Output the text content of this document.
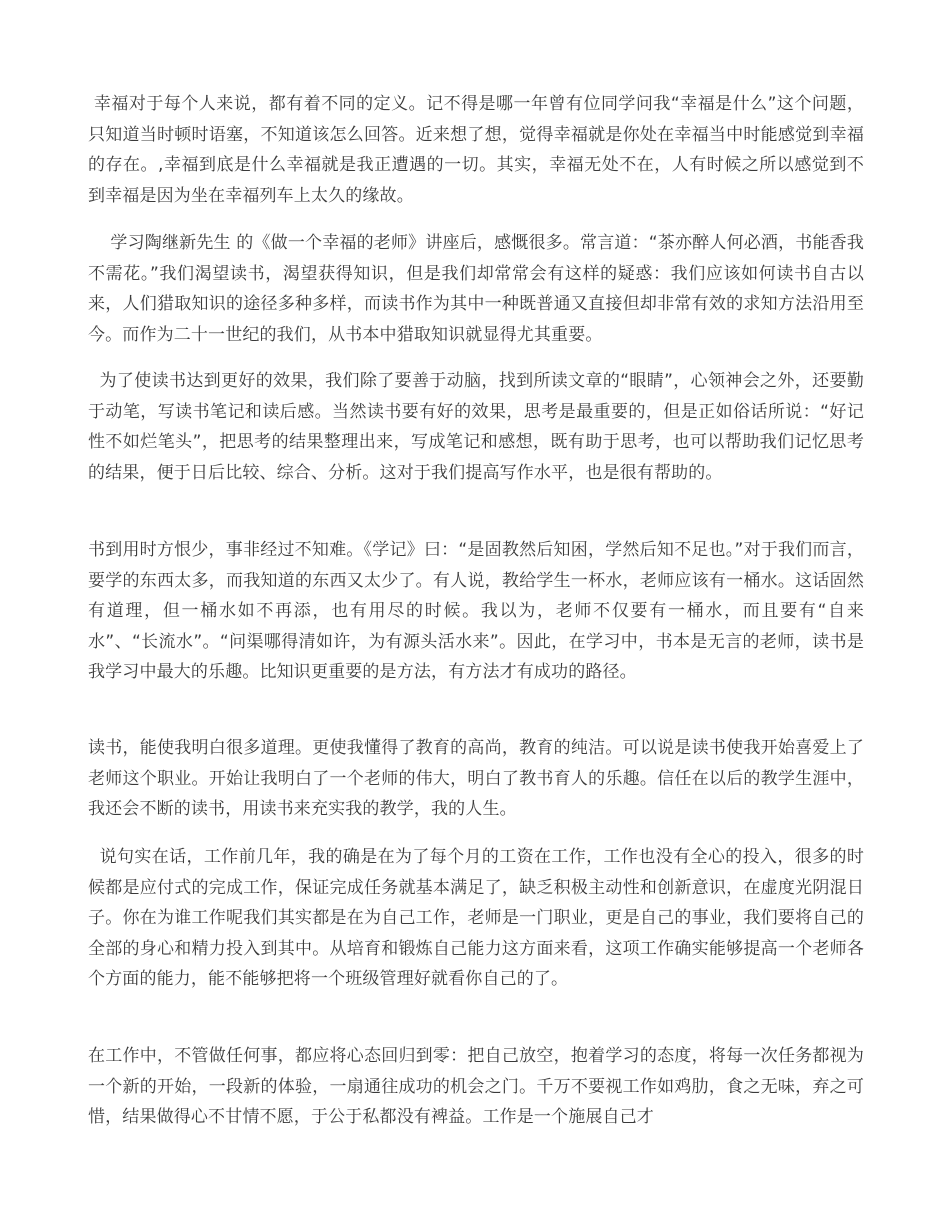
幸福对于每个人来说，都有着不同的定义。记不得是哪一年曾有位同学问我“幸福是什么”这个问题，只知道当时顿时语塞，不知道该怎么回答。近来想了想，觉得幸福就是你处在幸福当中时能感觉到幸福的存在。,幸福到底是什么幸福就是我正遭遇的一切。其实，幸福无处不在，人有时候之所以感觉到不到幸福是因为坐在幸福列车上太久的缘故。

学习陶继新先生 的《做一个幸福的老师》讲座后，感慨很多。常言道：“茶亦醉人何必酒，书能香我不需花。”我们渴望读书，渴望获得知识，但是我们却常常会有这样的疑惑：我们应该如何读书自古以来，人们猎取知识的途径多种多样，而读书作为其中一种既普通又直接但却非常有效的求知方法沿用至今。而作为二十一世纪的我们，从书本中猎取知识就显得尤其重要。

为了使读书达到更好的效果，我们除了要善于动脑，找到所读文章的“眼睛”，心领神会之外，还要勤于动笔，写读书笔记和读后感。当然读书要有好的效果，思考是最重要的，但是正如俗话所说：“好记性不如烂笔头”，把思考的结果整理出来，写成笔记和感想，既有助于思考，也可以帮助我们记忆思考的结果，便于日后比较、综合、分析。这对于我们提高写作水平，也是很有帮助的。

书到用时方恨少，事非经过不知难。《学记》曰：“是固教然后知困，学然后知不足也。”对于我们而言，要学的东西太多，而我知道的东西又太少了。有人说，教给学生一杯水，老师应该有一桶水。这话固然有道理，但一桶水如不再添，也有用尽的时候。我以为，老师不仅要有一桶水，而且要有“自来水”、“长流水”。“问渠哪得清如许，为有源头活水来”。因此，在学习中，书本是无言的老师，读书是我学习中最大的乐趣。比知识更重要的是方法，有方法才有成功的路径。

读书，能使我明白很多道理。更使我懂得了教育的高尚，教育的纯洁。可以说是读书使我开始喜爱上了老师这个职业。开始让我明白了一个老师的伟大，明白了教书育人的乐趣。信任在以后的教学生涯中，我还会不断的读书，用读书来充实我的教学，我的人生。

说句实在话，工作前几年，我的确是在为了每个月的工资在工作，工作也没有全心的投入，很多的时候都是应付式的完成工作，保证完成任务就基本满足了，缺乏积极主动性和创新意识，在虚度光阴混日子。你在为谁工作呢我们其实都是在为自己工作，老师是一门职业，更是自己的事业，我们要将自己的全部的身心和精力投入到其中。从培育和锻炼自己能力这方面来看，这项工作确实能够提高一个老师各个方面的能力，能不能够把将一个班级管理好就看你自己的了。

在工作中，不管做任何事，都应将心态回归到零：把自己放空，抱着学习的态度，将每一次任务都视为一个新的开始，一段新的体验，一扇通往成功的机会之门。千万不要视工作如鸡肋，食之无味，弃之可惜，结果做得心不甘情不愿，于公于私都没有裨益。工作是一个施展自己才
